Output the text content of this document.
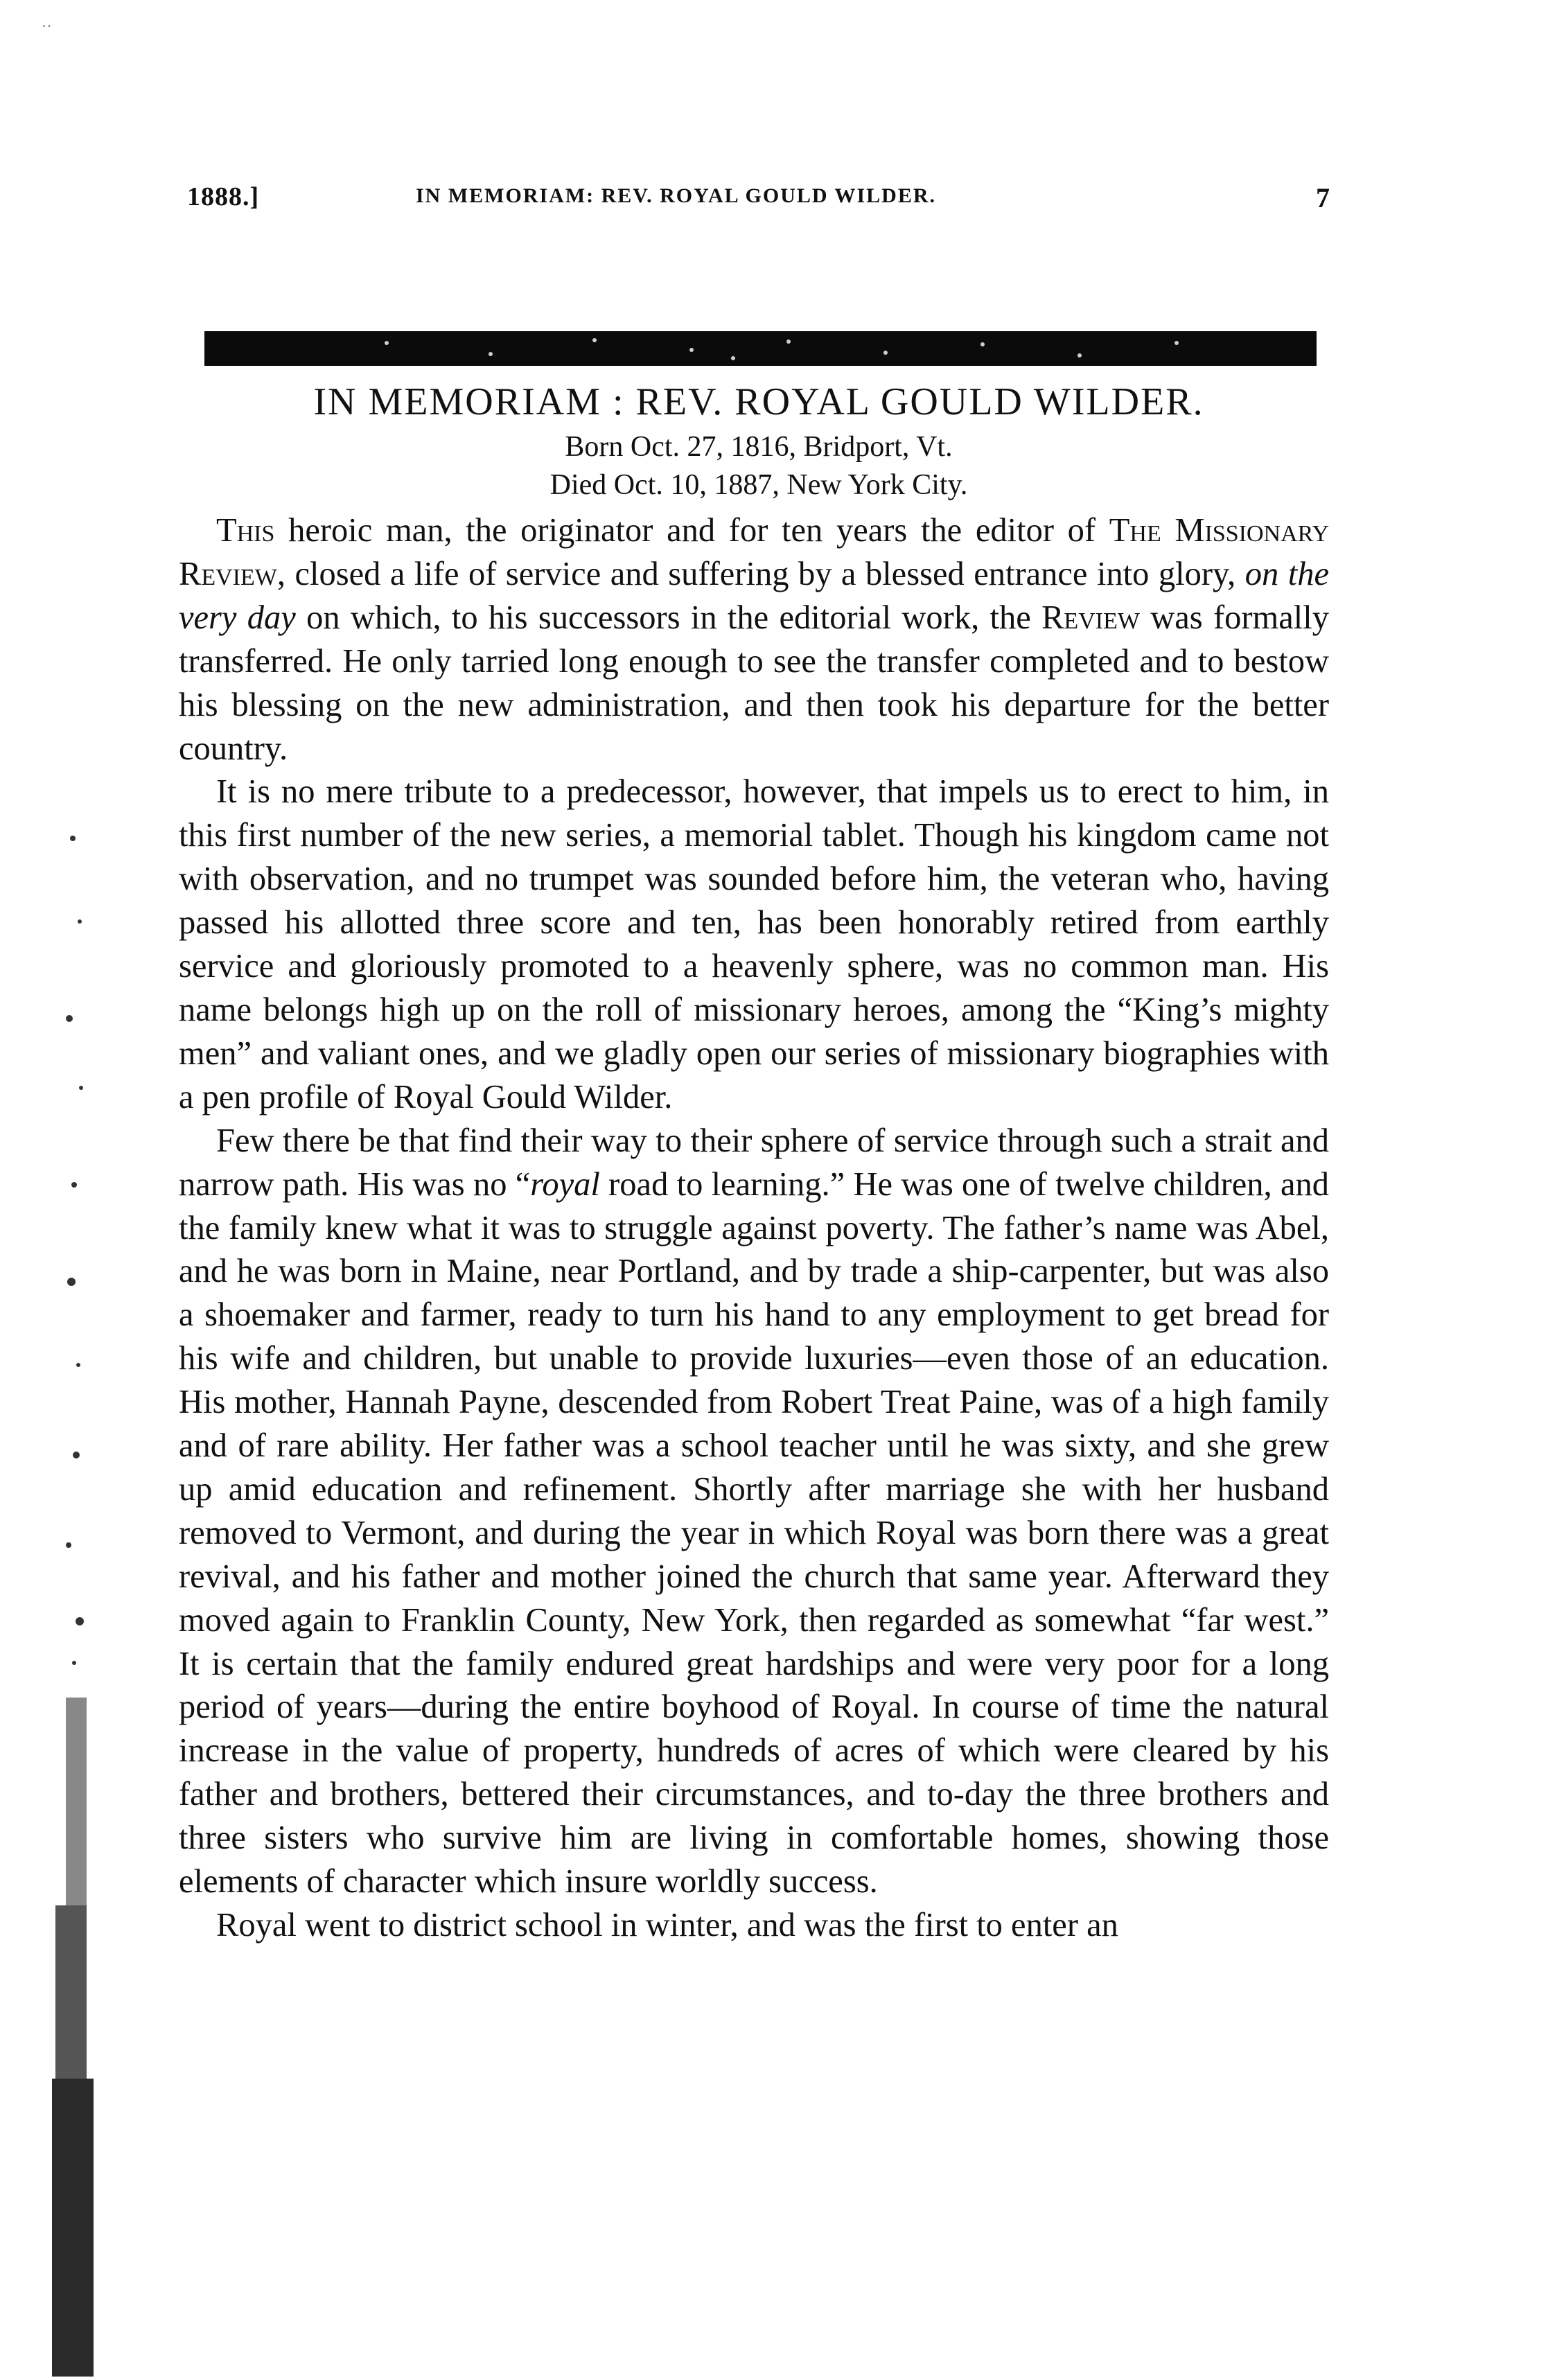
··
1888.]	IN MEMORIAM: REV. ROYAL GOULD WILDER.	7
IN MEMORIAM : REV. ROYAL GOULD WILDER.
Born Oct. 27, 1816, Bridport, Vt.
Died Oct. 10, 1887, New York City.

This heroic man, the originator and for ten years the editor of The Missionary Review, closed a life of service and suffering by a blessed entrance into glory, on the very day on which, to his successors in the editorial work, the Review was formally transferred. He only tarried long enough to see the transfer completed and to bestow his blessing on the new administration, and then took his departure for the better country.

It is no mere tribute to a predecessor, however, that impels us to erect to him, in this first number of the new series, a memorial tablet. Though his kingdom came not with observation, and no trumpet was sounded before him, the veteran who, having passed his allotted three score and ten, has been honorably retired from earthly service and gloriously promoted to a heavenly sphere, was no common man. His name belongs high up on the roll of missionary heroes, among the “King’s mighty men” and valiant ones, and we gladly open our series of missionary biographies with a pen profile of Royal Gould Wilder.

Few there be that find their way to their sphere of service through such a strait and narrow path. His was no “royal road to learning.” He was one of twelve children, and the family knew what it was to struggle against poverty. The father’s name was Abel, and he was born in Maine, near Portland, and by trade a ship-carpenter, but was also a shoemaker and farmer, ready to turn his hand to any employment to get bread for his wife and children, but unable to provide luxuries—even those of an education. His mother, Hannah Payne, descended from Robert Treat Paine, was of a high family and of rare ability. Her father was a school teacher until he was sixty, and she grew up amid education and refinement. Shortly after marriage she with her husband removed to Vermont, and during the year in which Royal was born there was a great revival, and his father and mother joined the church that same year. Afterward they moved again to Franklin County, New York, then regarded as somewhat “far west.” It is certain that the family endured great hardships and were very poor for a long period of years—during the entire boyhood of Royal. In course of time the natural increase in the value of property, hundreds of acres of which were cleared by his father and brothers, bettered their circumstances, and to-day the three brothers and three sisters who survive him are living in comfortable homes, showing those elements of character which insure worldly success.

Royal went to district school in winter, and was the first to enter an
